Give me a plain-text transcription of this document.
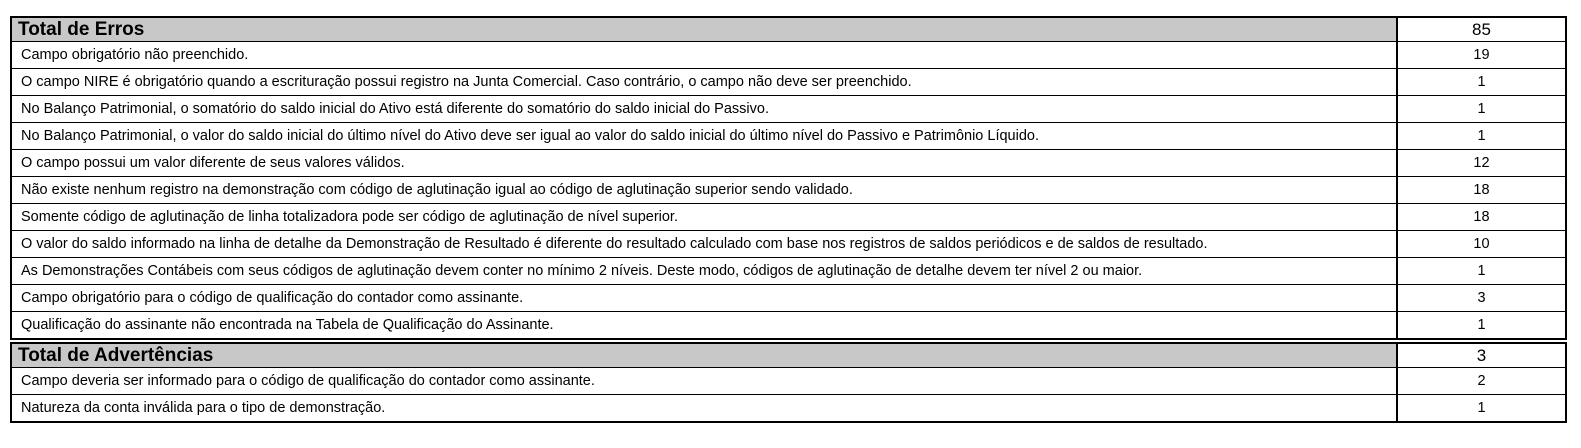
Total de Erros	85
Campo obrigatório não preenchido.	19
O campo NIRE é obrigatório quando a escrituração possui registro na Junta Comercial. Caso contrário, o campo não deve ser preenchido.	1
No Balanço Patrimonial, o somatório do saldo inicial do Ativo está diferente do somatório do saldo inicial do Passivo.	1
No Balanço Patrimonial, o valor do saldo inicial do último nível do Ativo deve ser igual ao valor do saldo inicial do último nível do Passivo e Patrimônio Líquido.	1
O campo possui um valor diferente de seus valores válidos.	12
Não existe nenhum registro na demonstração com código de aglutinação igual ao código de aglutinação superior sendo validado.	18
Somente código de aglutinação de linha totalizadora pode ser código de aglutinação de nível superior.	18
O valor do saldo informado na linha de detalhe da Demonstração de Resultado é diferente do resultado calculado com base nos registros de saldos periódicos e de saldos de resultado.	10
As Demonstrações Contábeis com seus códigos de aglutinação devem conter no mínimo 2 níveis. Deste modo, códigos de aglutinação de detalhe devem ter nível 2 ou maior.	1
Campo obrigatório para o código de qualificação do contador como assinante.	3
Qualificação do assinante não encontrada na Tabela de Qualificação do Assinante.	1
Total de Advertências	3
Campo deveria ser informado para o código de qualificação do contador como assinante.	2
Natureza da conta inválida para o tipo de demonstração.	1
